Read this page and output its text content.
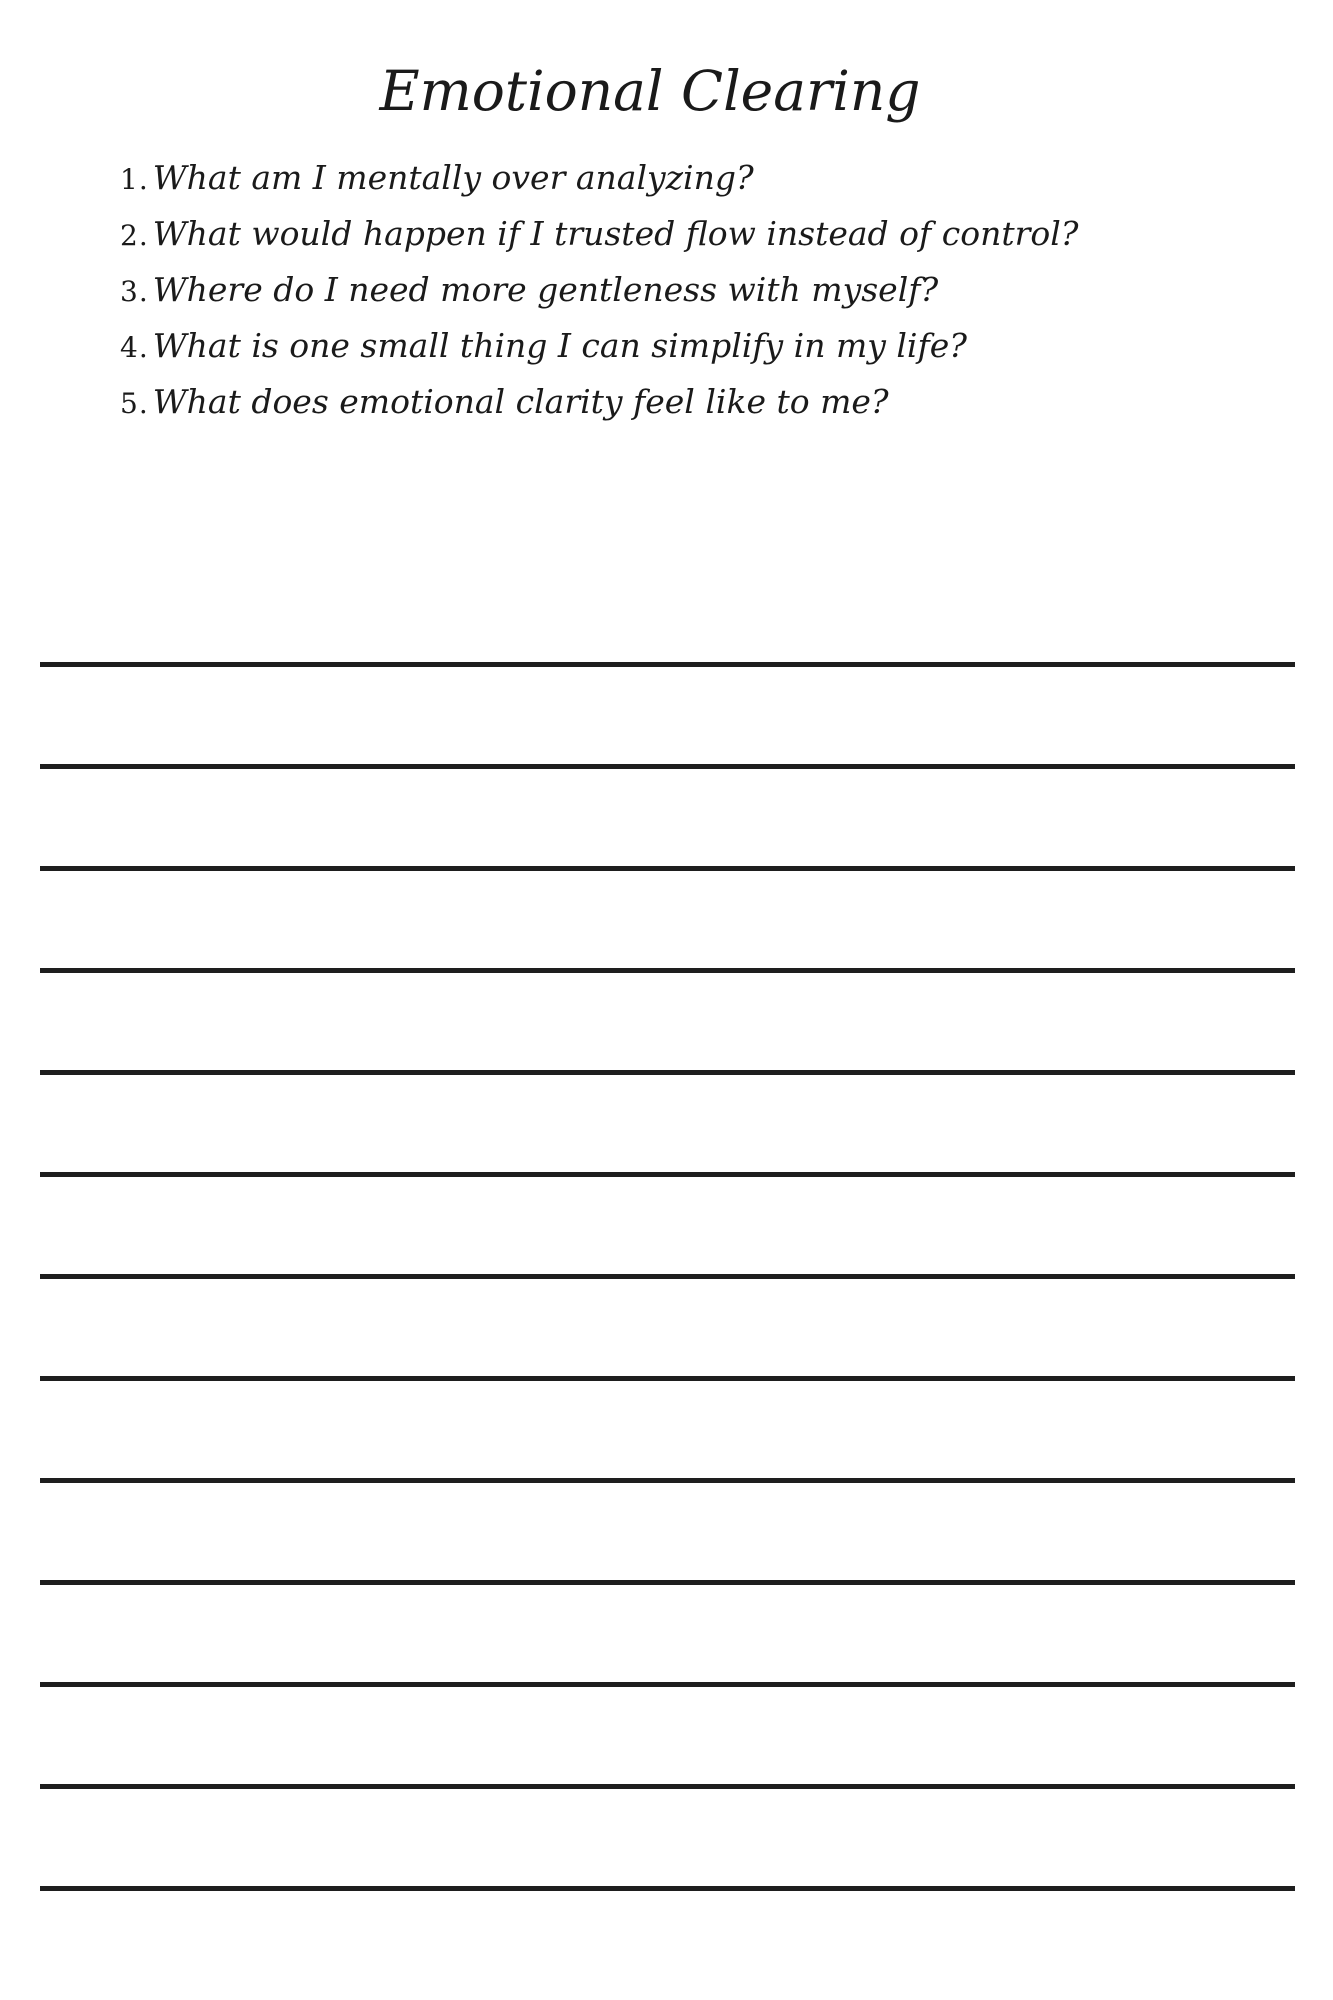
Emotional Clearing
1. What am I mentally over analyzing?
2. What would happen if I trusted flow instead of control?
3. Where do I need more gentleness with myself?
4. What is one small thing I can simplify in my life?
5. What does emotional clarity feel like to me?
